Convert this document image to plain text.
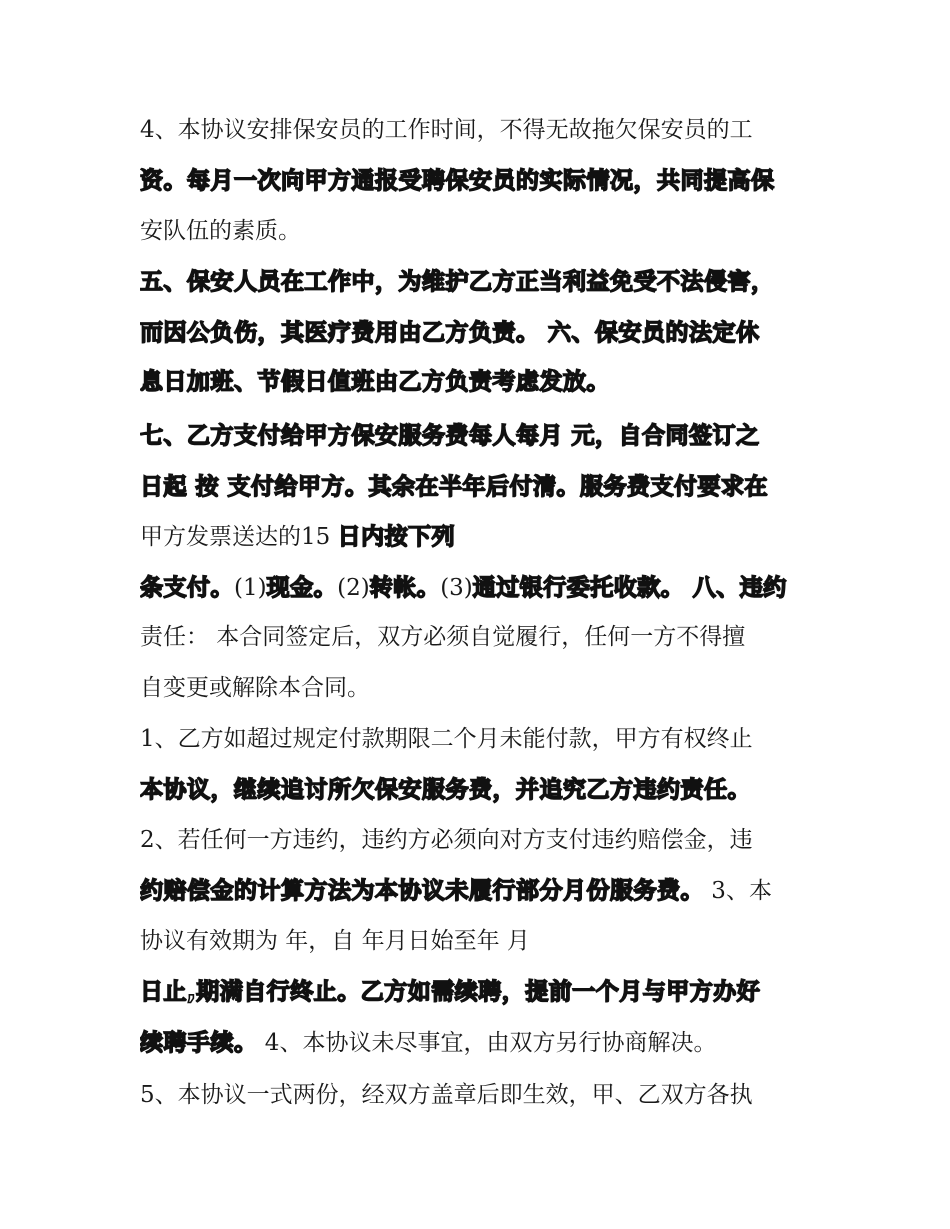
4、本协议安排保安员的工作时间，不得无故拖欠保安员的工
资。每月一次向甲方通报受聘保安员的实际情况，共同提高保
安队伍的素质。
五、保安人员在工作中，为维护乙方正当利益免受不法侵害，
而因公负伤，其医疗费用由乙方负责。 六、保安员的法定休
息日加班、节假日值班由乙方负责考虑发放。
七、乙方支付给甲方保安服务费每人每月 元，自合同签订之
日起 按 支付给甲方。其余在半年后付清。服务费支付要求在
甲方发票送达的15 日内按下列
条支付。(1)现金。(2)转帐。(3)通过银行委托收款。 八、违约
责任： 本合同签定后，双方必须自觉履行，任何一方不得擅
自变更或解除本合同。
1、乙方如超过规定付款期限二个月未能付款，甲方有权终止
本协议，继续追讨所欠保安服务费，并追究乙方违约责任。
2、若任何一方违约，违约方必须向对方支付违约赔偿金，违
约赔偿金的计算方法为本协议未履行部分月份服务费。 3、本
协议有效期为 年，自 年月日始至年 月
日止,期满自行终止。乙方如需续聘，提前一个月与甲方办好
续聘手续。 4、本协议未尽事宜，由双方另行协商解决。
5、本协议一式两份，经双方盖章后即生效，甲、乙双方各执
